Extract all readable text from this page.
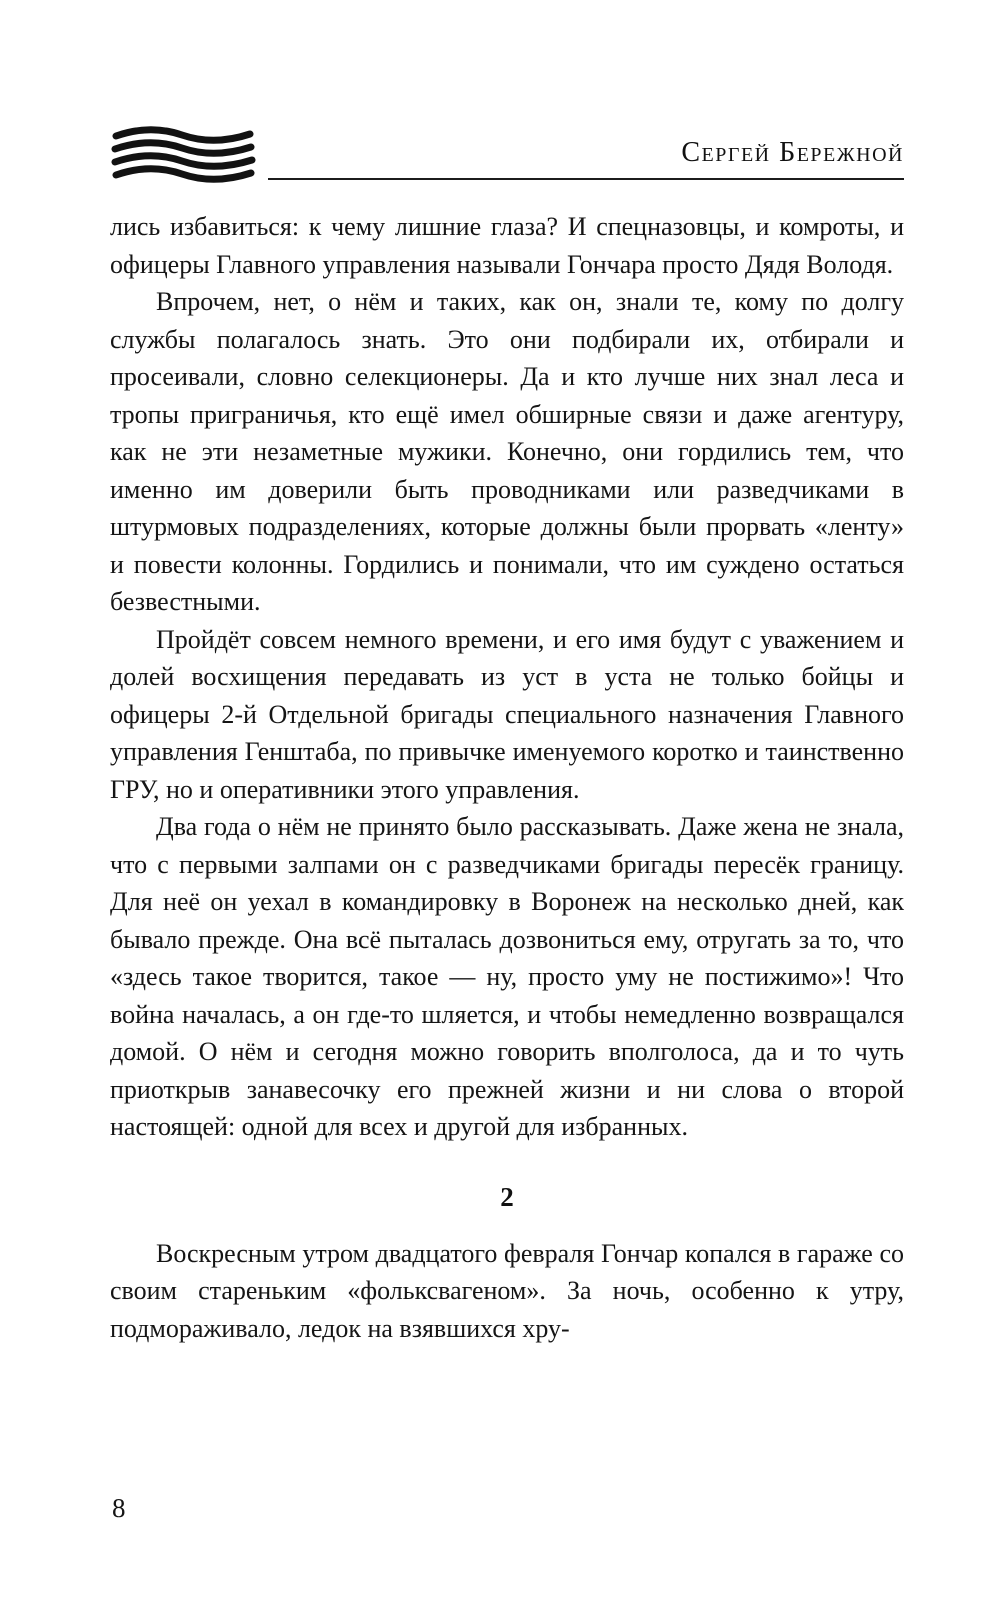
Сергей Бережной

лись избавиться: к чему лишние глаза? И спецназовцы, и комроты, и офицеры Главного управления называли Гончара просто Дядя Володя.

Впрочем, нет, о нём и таких, как он, знали те, кому по долгу службы полагалось знать. Это они подбирали их, отбирали и просеивали, словно селекционеры. Да и кто лучше них знал леса и тропы приграничья, кто ещё имел обширные связи и даже агентуру, как не эти незаметные мужики. Конечно, они гордились тем, что именно им доверили быть проводниками или разведчиками в штурмовых подразделениях, которые должны были прорвать «ленту» и повести колонны. Гордились и понимали, что им суждено остаться безвестными.

Пройдёт совсем немного времени, и его имя будут с уважением и долей восхищения передавать из уст в уста не только бойцы и офицеры 2-й Отдельной бригады специального назначения Главного управления Генштаба, по привычке именуемого коротко и таинственно ГРУ, но и оперативники этого управления.

Два года о нём не принято было рассказывать. Даже жена не знала, что с первыми залпами он с разведчиками бригады пересёк границу. Для неё он уехал в командировку в Воронеж на несколько дней, как бывало прежде. Она всё пыталась дозвониться ему, отругать за то, что «здесь такое творится, такое — ну, просто уму не постижимо»! Что война началась, а он где-то шляется, и чтобы немедленно возвращался домой. О нём и сегодня можно говорить вполголоса, да и то чуть приоткрыв занавесочку его прежней жизни и ни слова о второй настоящей: одной для всех и другой для избранных.

2

Воскресным утром двадцатого февраля Гончар копался в гараже со своим стареньким «фольксвагеном». За ночь, особенно к утру, подмораживало, ледок на взявшихся хру-

8
